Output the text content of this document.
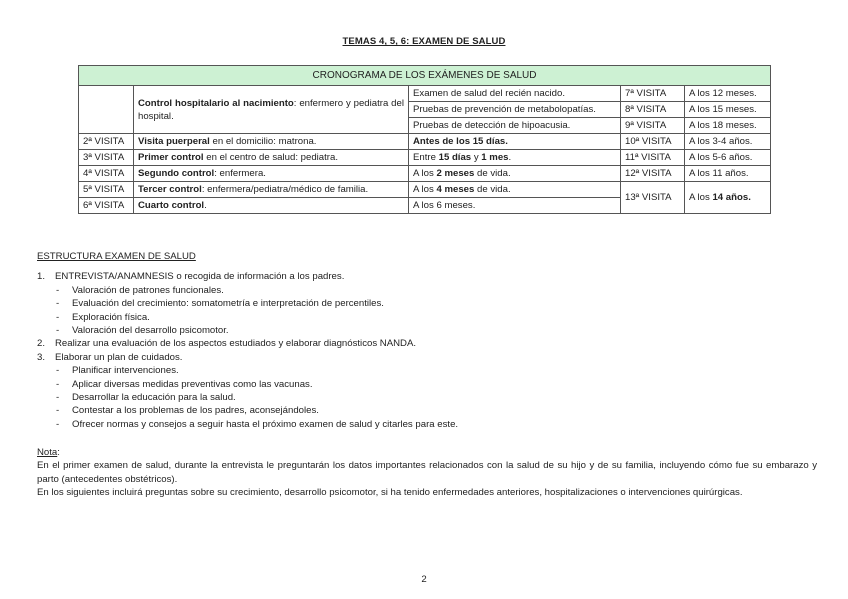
TEMAS 4, 5, 6: EXAMEN DE SALUD
CRONOGRAMA DE LOS EXÁMENES DE SALUD				
	Control hospitalario al nacimiento: enfermero y pediatra del hospital.	Examen de salud del recién nacido.	7ª VISITA	A los 12 meses.
		Pruebas de prevención de metabolopatías.	8ª VISITA	A los 15 meses.
		Pruebas de detección de hipoacusia.	9ª VISITA	A los 18 meses.
2ª VISITA	Visita puerperal en el domicilio: matrona.	Antes de los 15 días.	10ª VISITA	A los 3-4 años.
3ª VISITA	Primer control en el centro de salud: pediatra.	Entre 15 días y 1 mes.	11ª VISITA	A los 5-6 años.
4ª VISITA	Segundo control: enfermera.	A los 2 meses de vida.	12ª VISITA	A los 11 años.
5ª VISITA	Tercer control: enfermera/pediatra/médico de familia.	A los 4 meses de vida.	13ª VISITA	A los 14 años.
6ª VISITA	Cuarto control.	A los 6 meses.		
ESTRUCTURA EXAMEN DE SALUD
1. ENTREVISTA/ANAMNESIS o recogida de información a los padres.
- Valoración de patrones funcionales.
- Evaluación del crecimiento: somatometría e interpretación de percentiles.
- Exploración física.
- Valoración del desarrollo psicomotor.
2. Realizar una evaluación de los aspectos estudiados y elaborar diagnósticos NANDA.
3. Elaborar un plan de cuidados.
- Planificar intervenciones.
- Aplicar diversas medidas preventivas como las vacunas.
- Desarrollar la educación para la salud.
- Contestar a los problemas de los padres, aconsejándoles.
- Ofrecer normas y consejos a seguir hasta el próximo examen de salud y citarles para este.

Nota:

En el primer examen de salud, durante la entrevista le preguntarán los datos importantes relacionados con la salud de su hijo y de su familia, incluyendo cómo fue su embarazo y parto (antecedentes obstétricos).

En los siguientes incluirá preguntas sobre su crecimiento, desarrollo psicomotor, si ha tenido enfermedades anteriores, hospitalizaciones o intervenciones quirúrgicas.

2
